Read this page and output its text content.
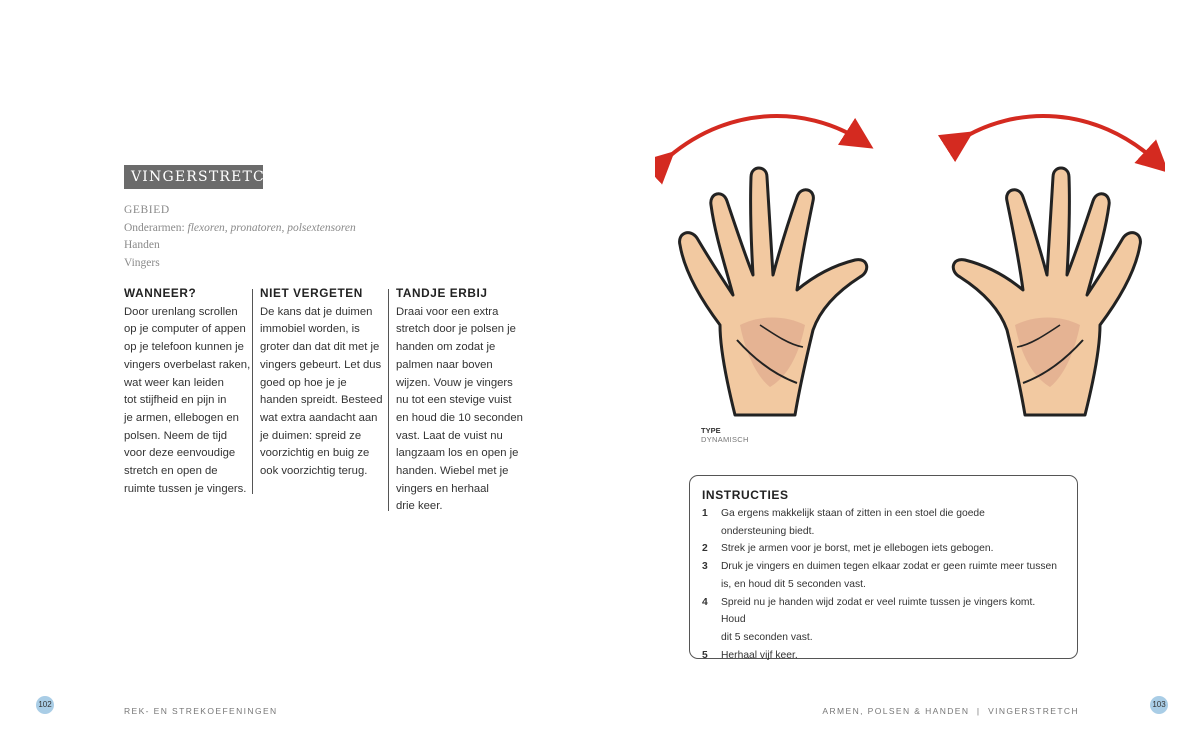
VINGERSTRETCH
GEBIED
Onderarmen: flexoren, pronatoren, polsextensoren
Handen
Vingers
WANNEER?
Door urenlang scrollen
op je computer of appen
op je telefoon kunnen je
vingers overbelast raken,
wat weer kan leiden
tot stijfheid en pijn in
je armen, ellebogen en
polsen. Neem de tijd
voor deze eenvoudige
stretch en open de
ruimte tussen je vingers.
NIET VERGETEN
De kans dat je duimen
immobiel worden, is
groter dan dat dit met je
vingers gebeurt. Let dus
goed op hoe je je
handen spreidt. Besteed
wat extra aandacht aan
je duimen: spreid ze
voorzichtig en buig ze
ook voorzichtig terug.
TANDJE ERBIJ
Draai voor een extra
stretch door je polsen je
handen om zodat je
palmen naar boven
wijzen. Vouw je vingers
nu tot een stevige vuist
en houd die 10 seconden
vast. Laat de vuist nu
langzaam los en open je
handen. Wiebel met je
vingers en herhaal
drie keer.
TYPE
DYNAMISCH
INSTRUCTIES
1	Ga ergens makkelijk staan of zitten in een stoel die goede
ondersteuning biedt.
2	Strek je armen voor je borst, met je ellebogen iets gebogen.
3	Druk je vingers en duimen tegen elkaar zodat er geen ruimte meer tussen
is, en houd dit 5 seconden vast.
4	Spreid nu je handen wijd zodat er veel ruimte tussen je vingers komt. Houd
dit 5 seconden vast.
5	Herhaal vijf keer.
102
REK- EN STREKOEFENINGEN	ARMEN, POLSEN & HANDEN  |  VINGERSTRETCH
103
